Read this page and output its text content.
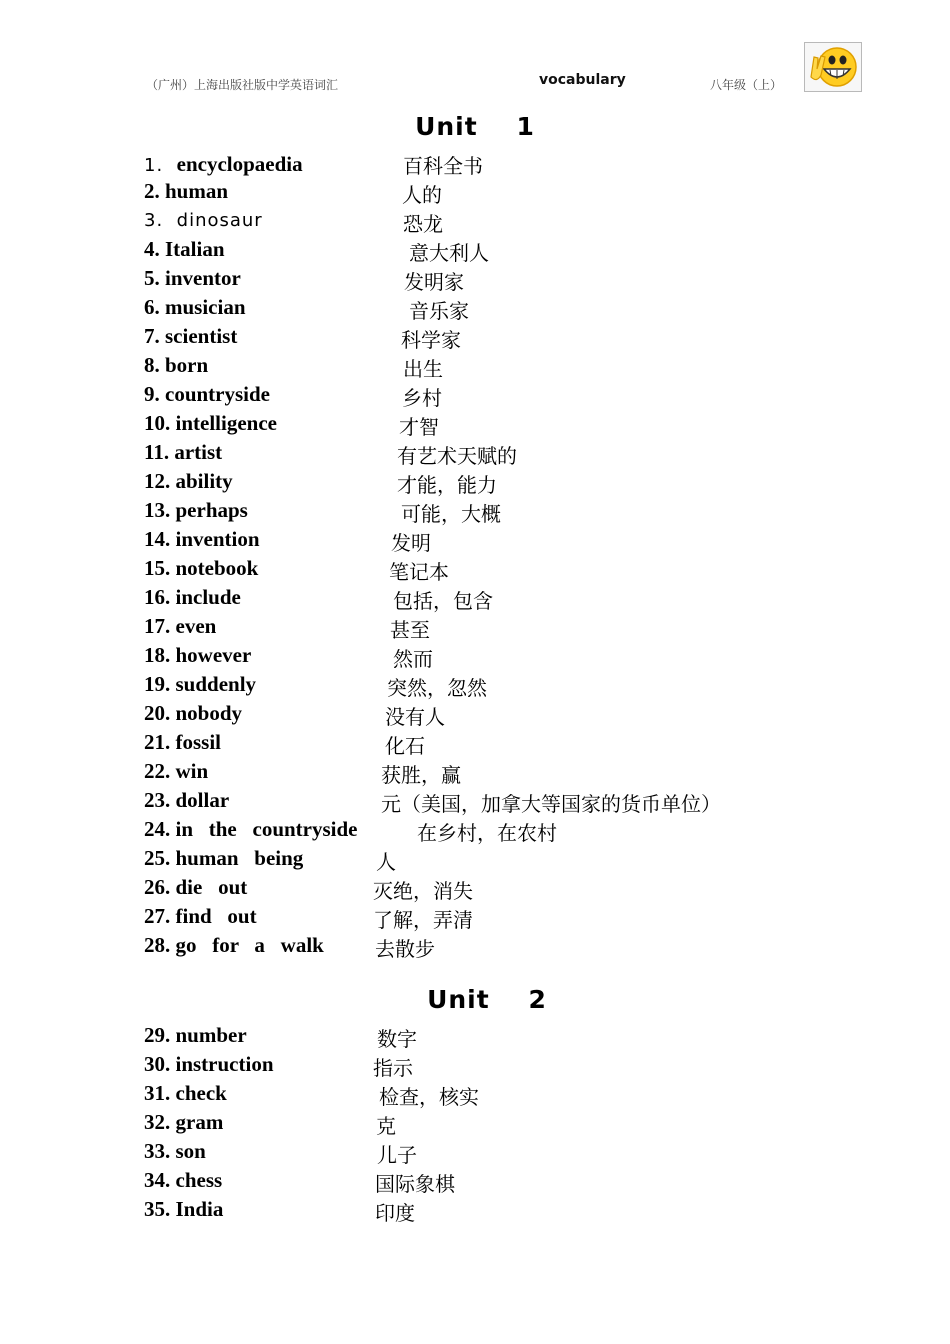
（广州）上海出版社版中学英语词汇	vocabulary	八年级（上）
Unit 1
1. encyclopaedia	百科全书
2. human	人的
3. dinosaur	恐龙
4. Italian	意大利人
5. inventor	发明家
6. musician	音乐家
7. scientist	科学家
8. born	出生
9. countryside	乡村
10. intelligence	才智
11. artist	有艺术天赋的
12. ability	才能，能力
13. perhaps	可能，大概
14. invention	发明
15. notebook	笔记本
16. include	包括，包含
17. even	甚至
18. however	然而
19. suddenly	突然，忽然
20. nobody	没有人
21. fossil	化石
22. win	获胜，赢
23. dollar	元（美国，加拿大等国家的货币单位）
24. in   the   countryside	在乡村，在农村
25. human   being	人
26. die   out	灭绝，消失
27. find   out	了解，弄清
28. go   for   a   walk	去散步
Unit 2
29. number	数字
30. instruction	指示
31. check	检查，核实
32. gram	克
33. son	儿子
34. chess	国际象棋
35. India	印度
